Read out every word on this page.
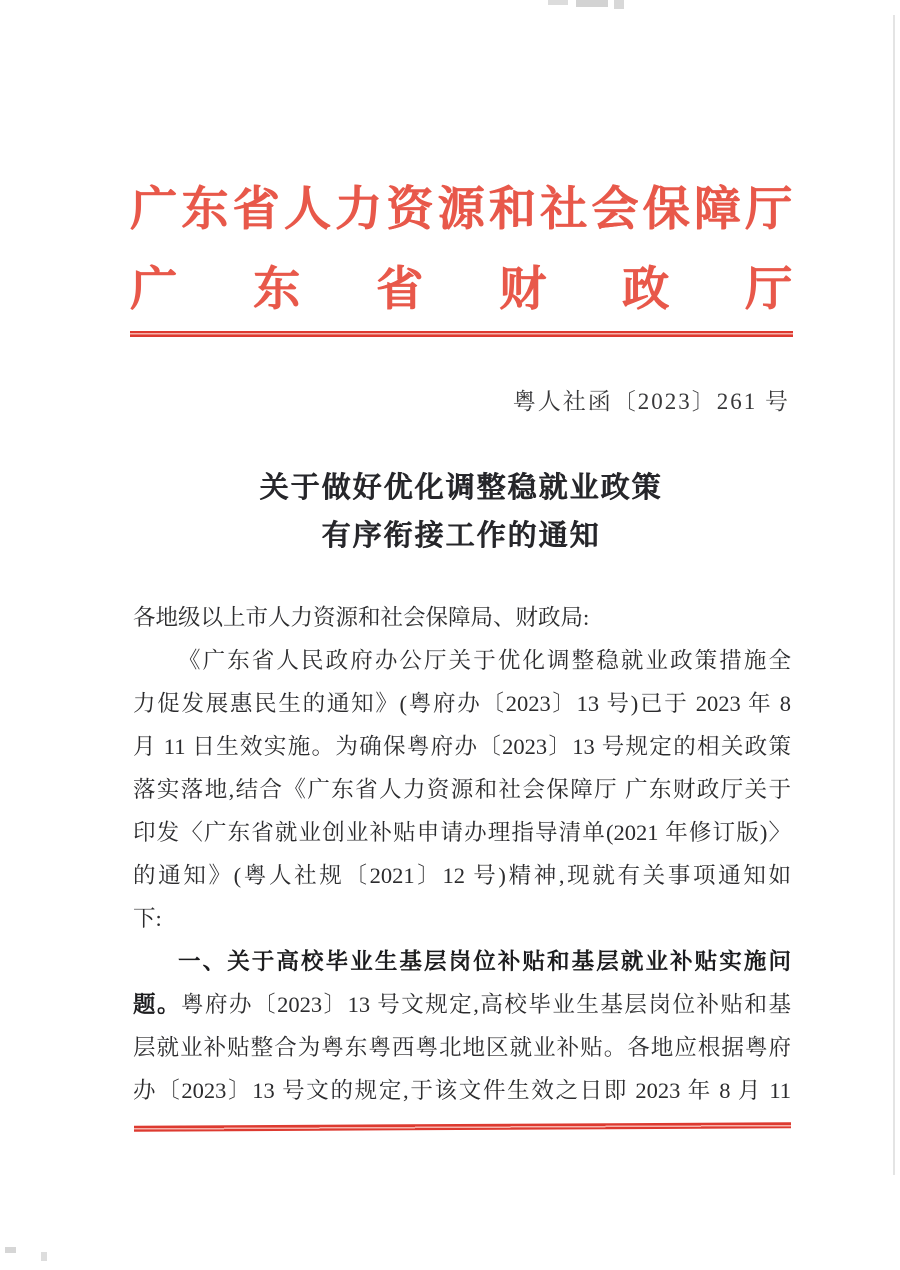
广东省人力资源和社会保障厅
广东省财政厅
粤人社函〔2023〕261 号
关于做好优化调整稳就业政策
有序衔接工作的通知
各地级以上市人力资源和社会保障局、财政局:
《广东省人民政府办公厅关于优化调整稳就业政策措施全
力促发展惠民生的通知》(粤府办〔2023〕13 号)已于 2023 年 8
月 11 日生效实施。为确保粤府办〔2023〕13 号规定的相关政策
落实落地,结合《广东省人力资源和社会保障厅 广东财政厅关于
印发〈广东省就业创业补贴申请办理指导清单(2021 年修订版)〉
的通知》(粤人社规〔2021〕12 号)精神,现就有关事项通知如
下:
一、关于高校毕业生基层岗位补贴和基层就业补贴实施问
题。粤府办〔2023〕13 号文规定,高校毕业生基层岗位补贴和基
层就业补贴整合为粤东粤西粤北地区就业补贴。各地应根据粤府
办〔2023〕13 号文的规定,于该文件生效之日即 2023 年 8 月 11
